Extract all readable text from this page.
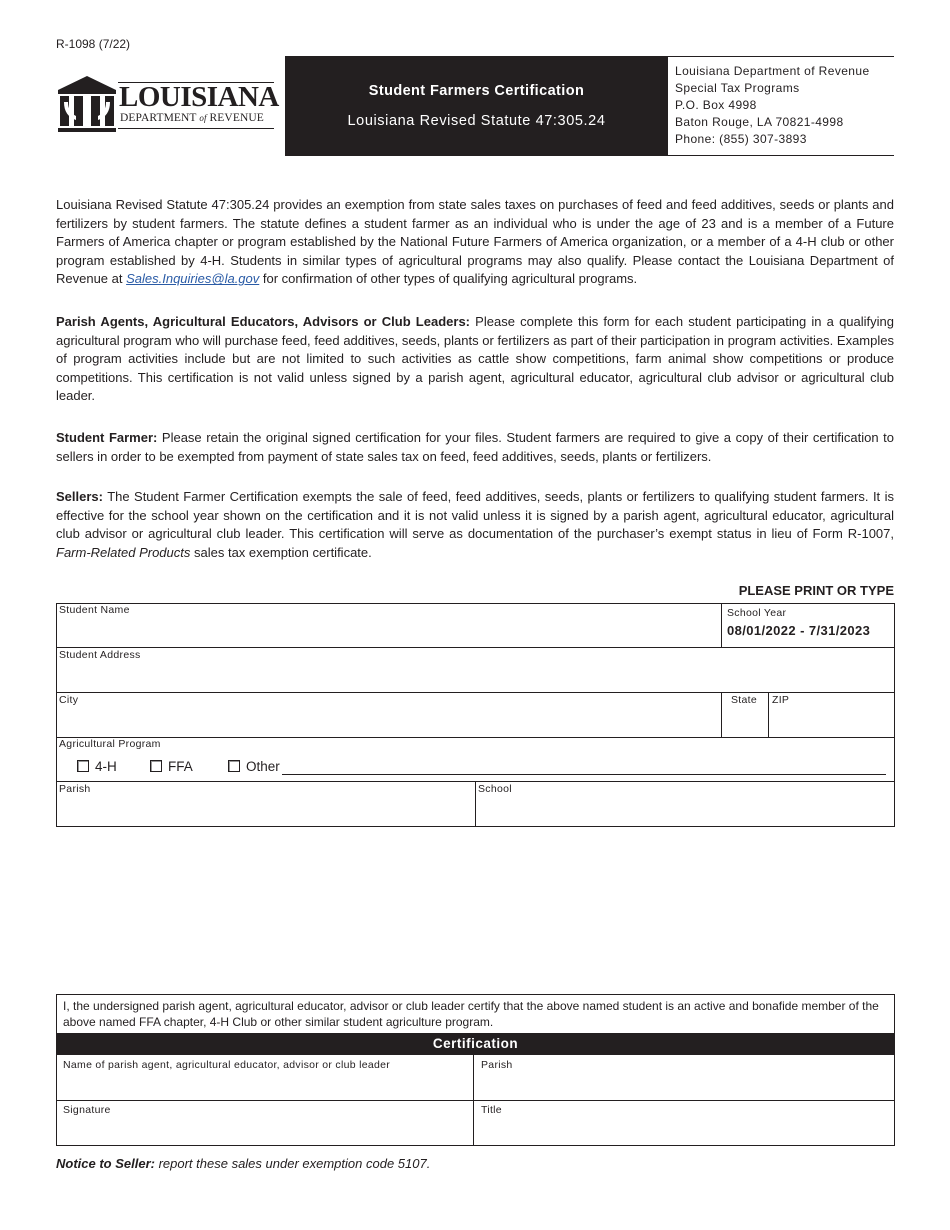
R-1098 (7/22)
LOUISIANA
DEPARTMENT of REVENUE
Student Farmers Certification
Louisiana Revised Statute 47:305.24
Louisiana Department of Revenue
Special Tax Programs
P.O. Box 4998
Baton Rouge, LA 70821-4998
Phone: (855) 307-3893
Louisiana Revised Statute 47:305.24 provides an exemption from state sales taxes on purchases of feed and feed additives, seeds or plants and fertilizers by student farmers. The statute defines a student farmer as an individual who is under the age of 23 and is a member of a Future Farmers of America chapter or program established by the National Future Farmers of America organization, or a member of a 4-H club or other program established by 4-H. Students in similar types of agricultural programs may also qualify. Please contact the Louisiana Department of Revenue at Sales.Inquiries@la.gov for confirmation of other types of qualifying agricultural programs.
Parish Agents, Agricultural Educators, Advisors or Club Leaders: Please complete this form for each student participating in a qualifying agricultural program who will purchase feed, feed additives, seeds, plants or fertilizers as part of their participation in program activities. Examples of program activities include but are not limited to such activities as cattle show competitions, farm animal show competitions or produce competitions. This certification is not valid unless signed by a parish agent, agricultural educator, agricultural club advisor or agricultural club leader.
Student Farmer: Please retain the original signed certification for your files. Student farmers are required to give a copy of their certification to sellers in order to be exempted from payment of state sales tax on feed, feed additives, seeds, plants or fertilizers.
Sellers: The Student Farmer Certification exempts the sale of feed, feed additives, seeds, plants or fertilizers to qualifying student farmers. It is effective for the school year shown on the certification and it is not valid unless it is signed by a parish agent, agricultural educator, agricultural club advisor or agricultural club leader. This certification will serve as documentation of the purchaser’s exempt status in lieu of Form R-1007, Farm-Related Products sales tax exemption certificate.
PLEASE PRINT OR TYPE
Student Name	School Year
08/01/2022 - 7/31/2023
Student Address
City	State ZIP
Agricultural Program
4-H	FFA	Other
Parish	School
I, the undersigned parish agent, agricultural educator, advisor or club leader certify that the above named student is an active and bonafide member of the above named FFA chapter, 4-H Club or other similar student agriculture program.
Certification
Name of parish agent, agricultural educator, advisor or club leader	Parish
Signature	Title
Notice to Seller: report these sales under exemption code 5107.
